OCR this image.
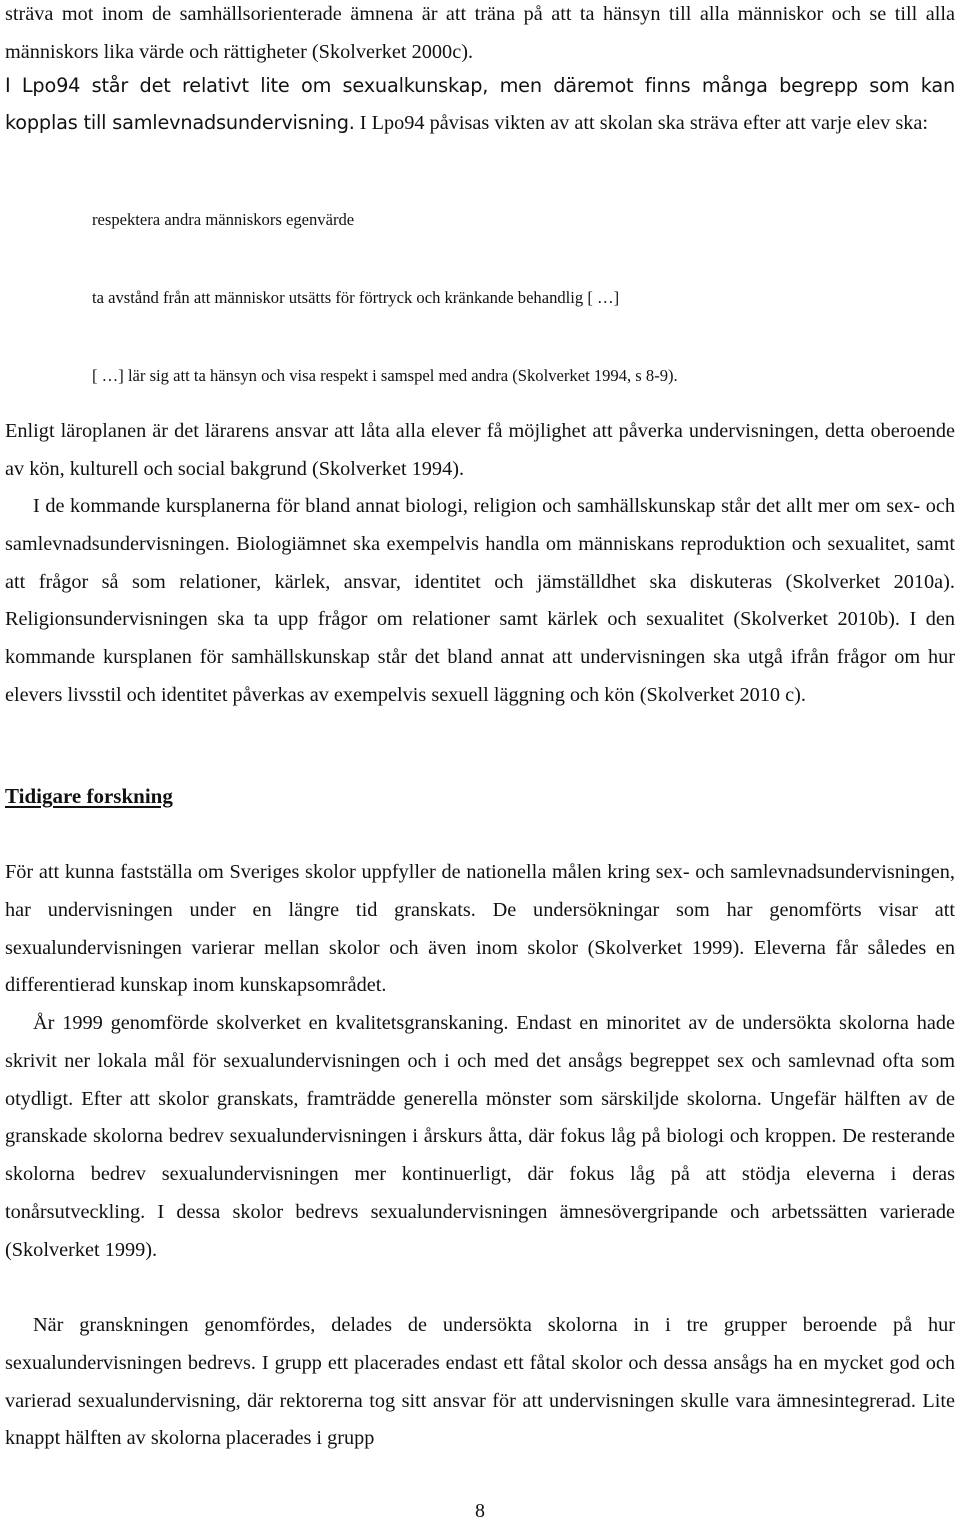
sträva mot inom de samhällsorienterade ämnena är att träna på att ta hänsyn till alla människor och se till alla människors lika värde och rättigheter (Skolverket 2000c).

I Lpo94 står det relativt lite om sexualkunskap, men däremot finns många begrepp som kan kopplas till samlevnadsundervisning. I Lpo94 påvisas vikten av att skolan ska sträva efter att varje elev ska:

respektera andra människors egenvärde

ta avstånd från att människor utsätts för förtryck och kränkande behandlig [ …]

[ …] lär sig att ta hänsyn och visa respekt i samspel med andra (Skolverket 1994, s 8-9).

Enligt läroplanen är det lärarens ansvar att låta alla elever få möjlighet att påverka undervisningen, detta oberoende av kön, kulturell och social bakgrund (Skolverket 1994).

I de kommande kursplanerna för bland annat biologi, religion och samhällskunskap står det allt mer om sex- och samlevnadsundervisningen. Biologiämnet ska exempelvis handla om människans reproduktion och sexualitet, samt att frågor så som relationer, kärlek, ansvar, identitet och jämställdhet ska diskuteras (Skolverket 2010a). Religionsundervisningen ska ta upp frågor om relationer samt kärlek och sexualitet (Skolverket 2010b). I den kommande kursplanen för samhällskunskap står det bland annat att undervisningen ska utgå ifrån frågor om hur elevers livsstil och identitet påverkas av exempelvis sexuell läggning och kön (Skolverket 2010 c).

Tidigare forskning

För att kunna fastställa om Sveriges skolor uppfyller de nationella målen kring sex- och samlevnadsundervisningen, har undervisningen under en längre tid granskats. De undersökningar som har genomförts visar att sexualundervisningen varierar mellan skolor och även inom skolor (Skolverket 1999). Eleverna får således en differentierad kunskap inom kunskapsområdet.

År 1999 genomförde skolverket en kvalitetsgranskaning. Endast en minoritet av de undersökta skolorna hade skrivit ner lokala mål för sexualundervisningen och i och med det ansågs begreppet sex och samlevnad ofta som otydligt. Efter att skolor granskats, framträdde generella mönster som särskiljde skolorna. Ungefär hälften av de granskade skolorna bedrev sexualundervisningen i årskurs åtta, där fokus låg på biologi och kroppen. De resterande skolorna bedrev sexualundervisningen mer kontinuerligt, där fokus låg på att stödja eleverna i deras tonårsutveckling. I dessa skolor bedrevs sexualundervisningen ämnesövergripande och arbetssätten varierade (Skolverket 1999).

När granskningen genomfördes, delades de undersökta skolorna in i tre grupper beroende på hur sexualundervisningen bedrevs. I grupp ett placerades endast ett fåtal skolor och dessa ansågs ha en mycket god och varierad sexualundervisning, där rektorerna tog sitt ansvar för att undervisningen skulle vara ämnesintegrerad. Lite knappt hälften av skolorna placerades i grupp

8
